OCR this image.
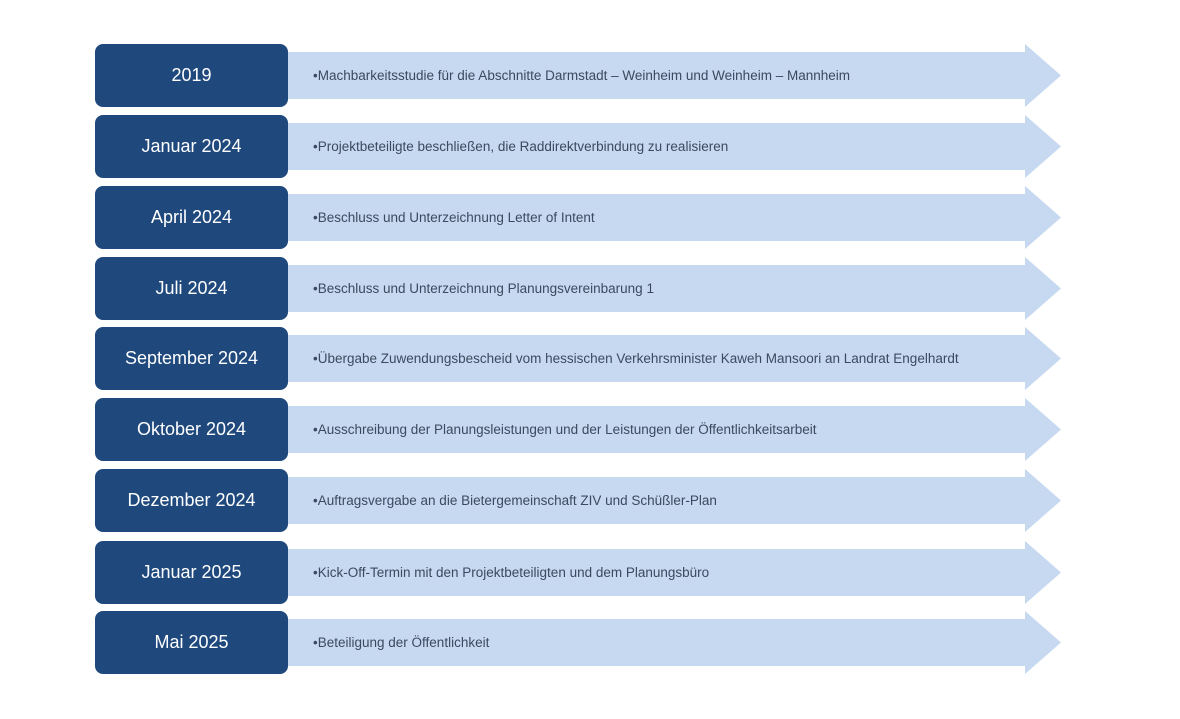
2019	•Machbarkeitsstudie für die Abschnitte Darmstadt – Weinheim und Weinheim – Mannheim
Januar 2024	•Projektbeteiligte beschließen, die Raddirektverbindung zu realisieren
April 2024	•Beschluss und Unterzeichnung Letter of Intent
Juli 2024	•Beschluss und Unterzeichnung Planungsvereinbarung 1
September 2024	•Übergabe Zuwendungsbescheid vom hessischen Verkehrsminister Kaweh Mansoori an Landrat Engelhardt
Oktober 2024	•Ausschreibung der Planungsleistungen und der Leistungen der Öffentlichkeitsarbeit
Dezember 2024	•Auftragsvergabe an die Bietergemeinschaft ZIV und Schüßler-Plan
Januar 2025	•Kick-Off-Termin mit den Projektbeteiligten und dem Planungsbüro
Mai 2025	•Beteiligung der Öffentlichkeit
